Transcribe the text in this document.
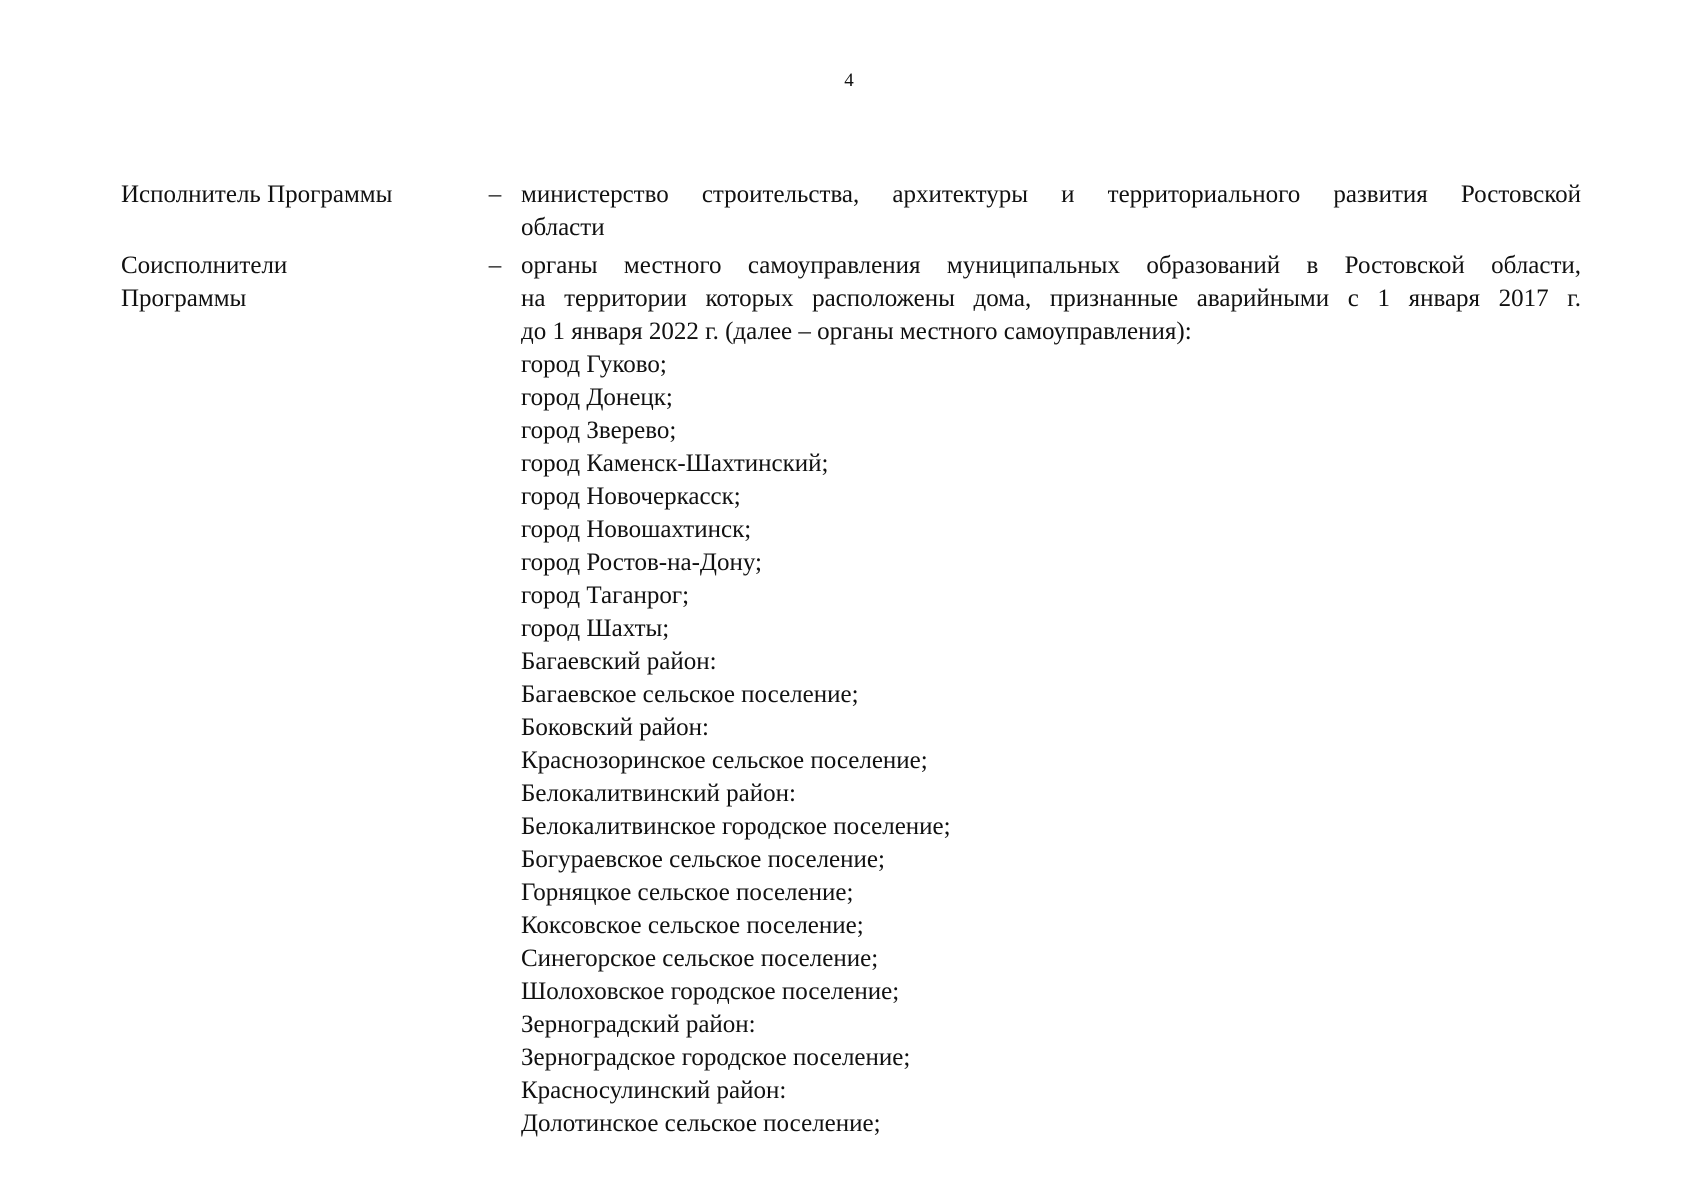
4
Исполнитель Программы	– министерство строительства, архитектуры и территориального развития Ростовской
области
Соисполнители
Программы
– органы местного самоуправления муниципальных образований в Ростовской области,
на территории которых расположены дома, признанные аварийными с 1 января 2017 г.
до 1 января 2022 г. (далее – органы местного самоуправления):
город Гуково;
город Донецк;
город Зверево;
город Каменск-Шахтинский;
город Новочеркасск;
город Новошахтинск;
город Ростов-на-Дону;
город Таганрог;
город Шахты;
Багаевский район:
Багаевское сельское поселение;
Боковский район:
Краснозоринское сельское поселение;
Белокалитвинский район:
Белокалитвинское городское поселение;
Богураевское сельское поселение;
Горняцкое сельское поселение;
Коксовское сельское поселение;
Синегорское сельское поселение;
Шолоховское городское поселение;
Зерноградский район:
Зерноградское городское поселение;
Красносулинский район:
Долотинское сельское поселение;
